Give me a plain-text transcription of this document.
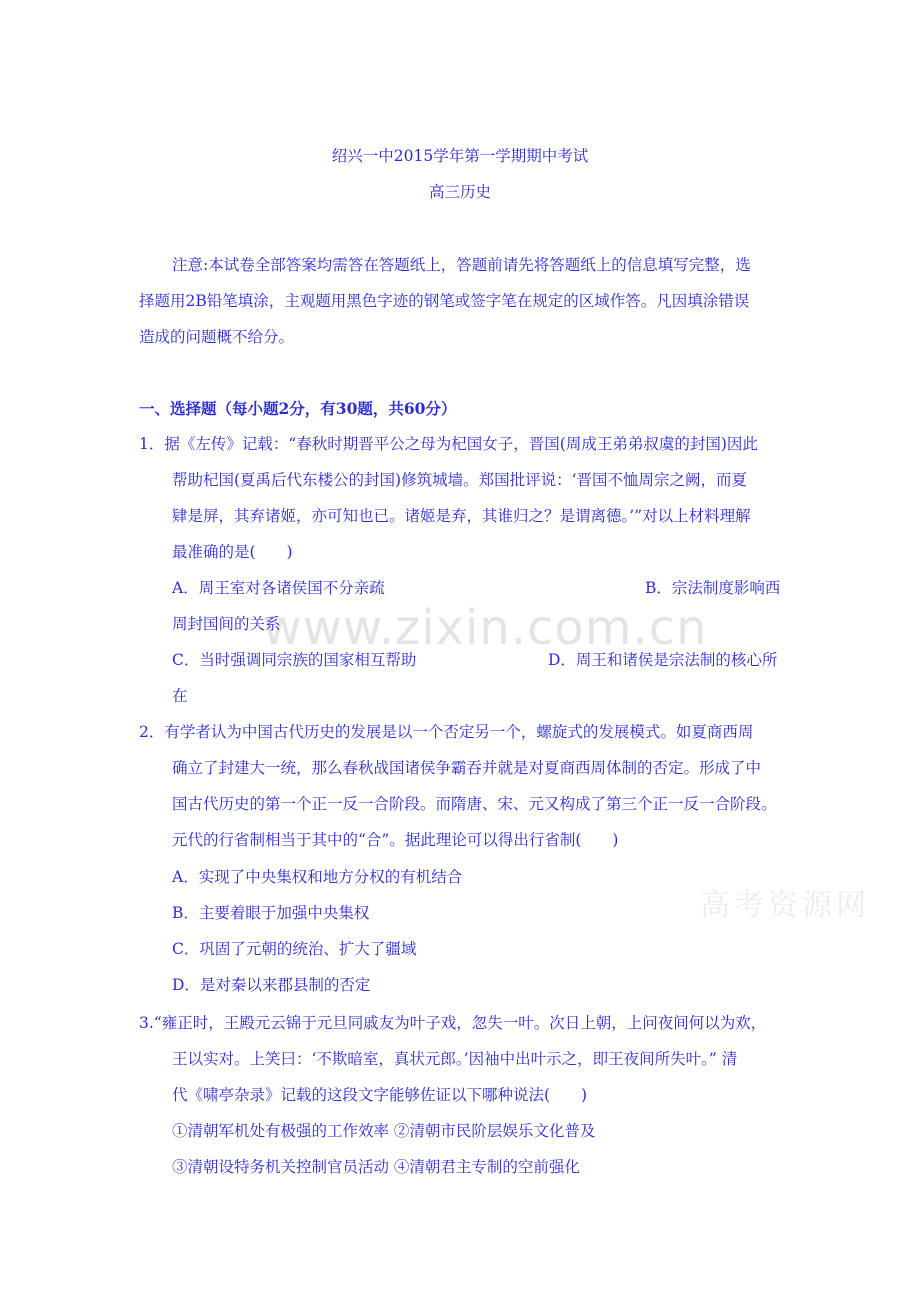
www.zixin.com.cn
高考资源网
绍兴一中2015学年第一学期期中考试
高三历史
注意:本试卷全部答案均需答在答题纸上，答题前请先将答题纸上的信息填写完整，选
择题用2B铅笔填涂，主观题用黑色字迹的钢笔或签字笔在规定的区域作答。凡因填涂错误
造成的问题概不给分。
一、选择题（每小题2分，有30题，共60分）
1．据《左传》记载：“春秋时期晋平公之母为杞国女子，晋国(周成王弟弟叔虞的封国)因此
帮助杞国(夏禹后代东楼公的封国)修筑城墙。郑国批评说：‘晋国不恤周宗之阙，而夏
肄是屏，其弃诸姬，亦可知也已。诸姬是弃，其谁归之？是谓离德。’”对以上材料理解
最准确的是(　　)
A．周王室对各诸侯国不分亲疏	B．宗法制度影响西
周封国间的关系
C．当时强调同宗族的国家相互帮助	D．周王和诸侯是宗法制的核心所
在
2．有学者认为中国古代历史的发展是以一个否定另一个，螺旋式的发展模式。如夏商西周
确立了封建大一统，那么春秋战国诸侯争霸吞并就是对夏商西周体制的否定。形成了中
国古代历史的第一个正一反一合阶段。而隋唐、宋、元又构成了第三个正一反一合阶段。
元代的行省制相当于其中的“合”。据此理论可以得出行省制(　　)
A．实现了中央集权和地方分权的有机结合
B．主要着眼于加强中央集权
C．巩固了元朝的统治、扩大了疆域
D．是对秦以来郡县制的否定
3.“雍正时，王殿元云锦于元旦同戚友为叶子戏，忽失一叶。次日上朝，上问夜间何以为欢，
王以实对。上笑曰：‘不欺暗室，真状元郎。’因袖中出叶示之，即王夜间所失叶。” 清
代《啸亭杂录》记载的这段文字能够佐证以下哪种说法(　　)
①清朝军机处有极强的工作效率 ②清朝市民阶层娱乐文化普及
③清朝设特务机关控制官员活动 ④清朝君主专制的空前强化
